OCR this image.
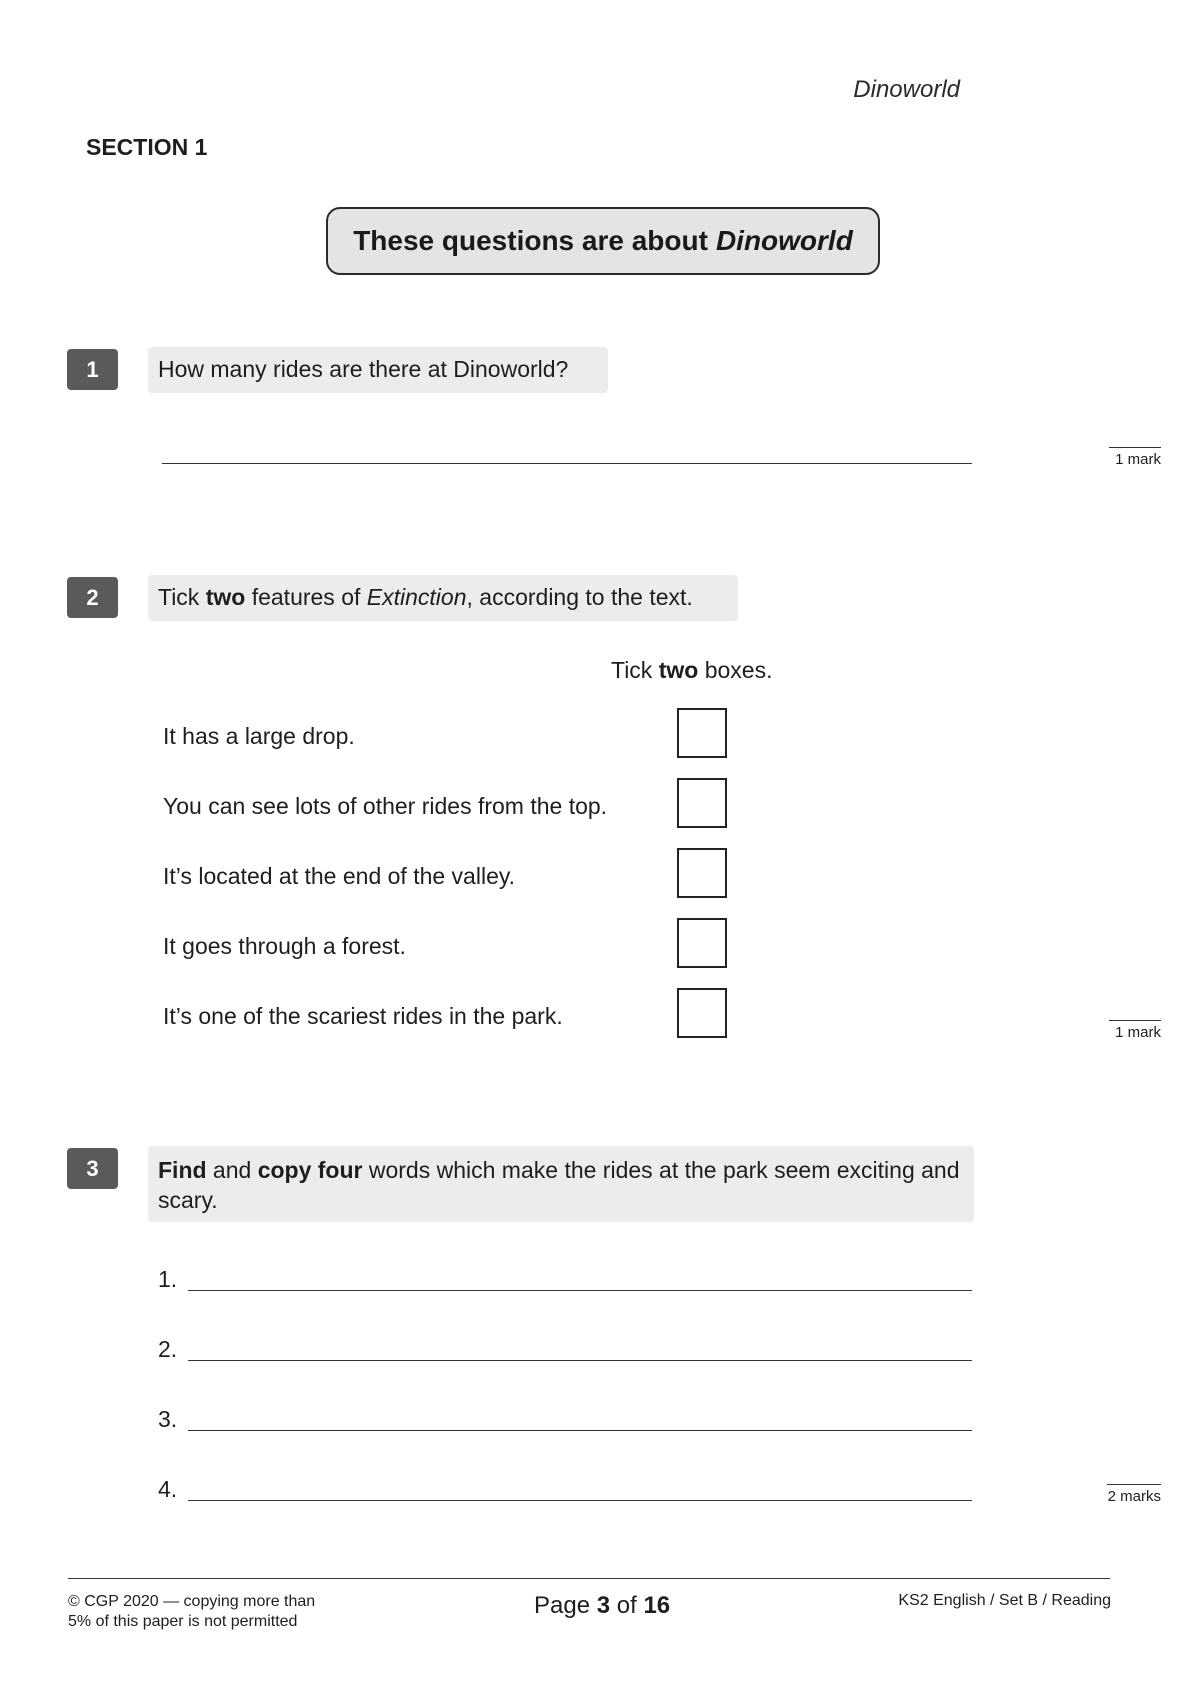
Dinoworld
SECTION 1
These questions are about Dinoworld
1	How many rides are there at Dinoworld?
1 mark
2	Tick two features of Extinction, according to the text.
Tick two boxes.
It has a large drop.
You can see lots of other rides from the top.
It’s located at the end of the valley.
It goes through a forest.
It’s one of the scariest rides in the park.
1 mark
3	Find and copy four words which make the rides at the park seem exciting and scary.
1.
2.
3.
4.	2 marks
© CGP 2020 — copying more than
5% of this paper is not permitted
Page 3 of 16	KS2 English / Set B / Reading
